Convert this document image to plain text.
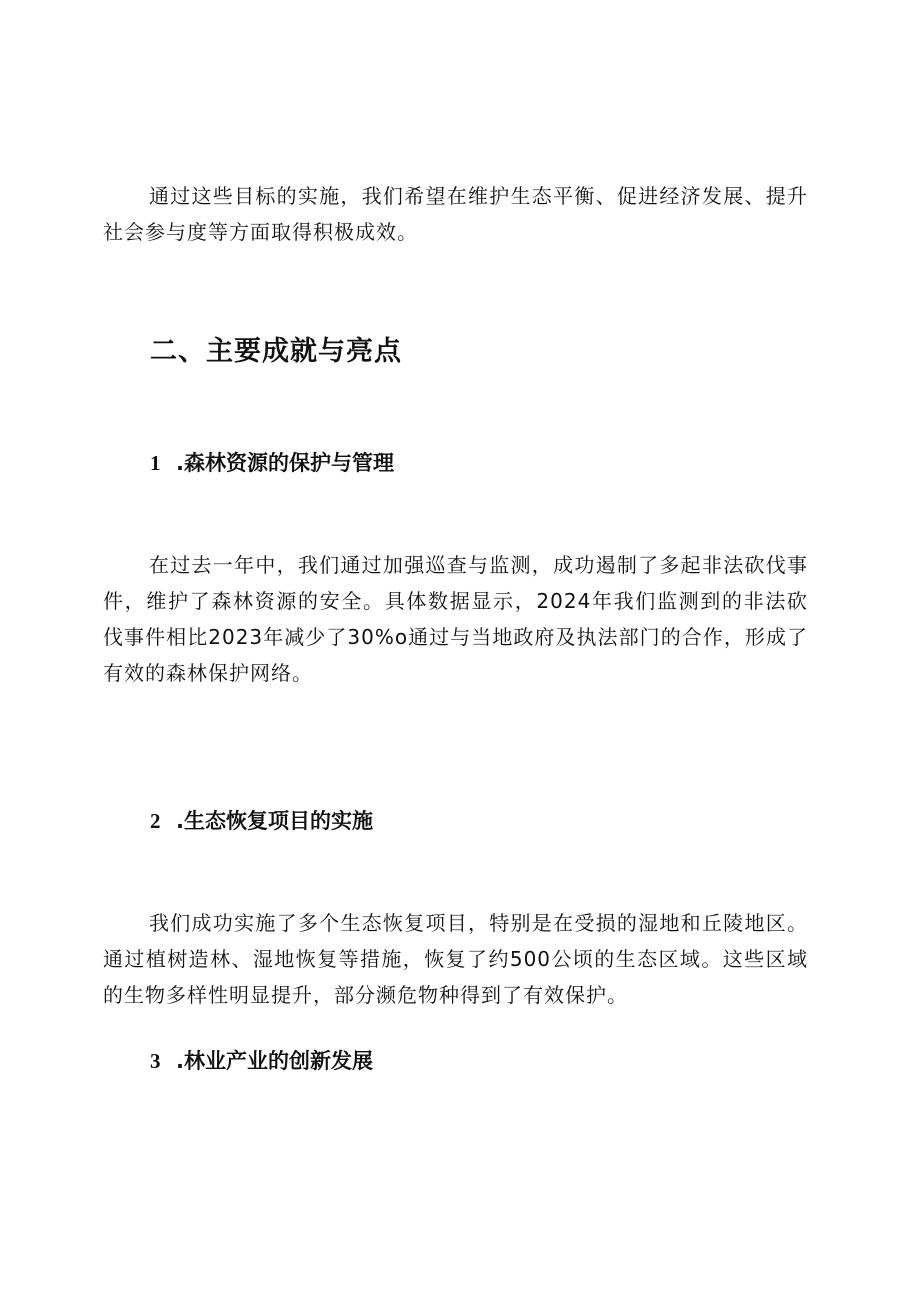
通过这些目标的实施，我们希望在维护生态平衡、促进经济发展、提升社会参与度等方面取得积极成效。

二、主要成就与亮点
1 .森林资源的保护与管理

在过去一年中，我们通过加强巡查与监测，成功遏制了多起非法砍伐事件，维护了森林资源的安全。具体数据显示，2024年我们监测到的非法砍伐事件相比2023年减少了30%o通过与当地政府及执法部门的合作，形成了有效的森林保护网络。

2 .生态恢复项目的实施

我们成功实施了多个生态恢复项目，特别是在受损的湿地和丘陵地区。通过植树造林、湿地恢复等措施，恢复了约500公顷的生态区域。这些区域的生物多样性明显提升，部分濒危物种得到了有效保护。

3 .林业产业的创新发展
